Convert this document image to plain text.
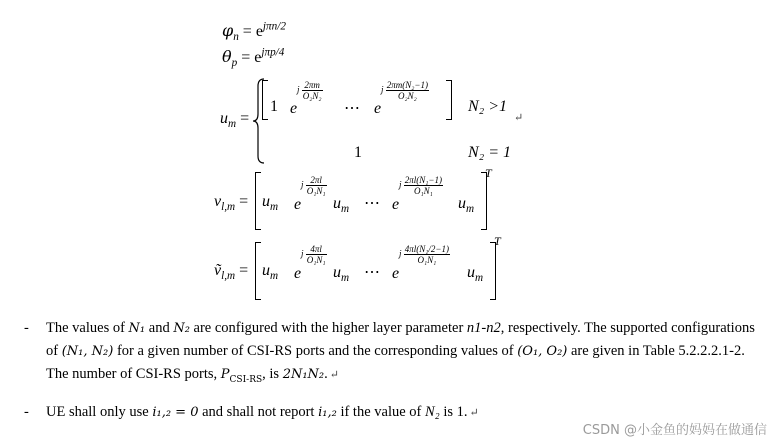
$\varphi_n = e^{j\pi n/2}$
$\theta_p = e^{j\pi p/4}$
$u_m$ =
1 e
j $\frac{2\pi m}{\text{O₂N₂}}$
⋯ e
j $\frac{\text{2πm(N₂−1)}}{\text{O₂N₂}}$
N₂ >1
↵
1	N₂ = 1
$v_{l,m} = u_m$ e
j $\frac{2\pi l}{\text{O₁N₁}}$
$u_m$ ⋯ e
j $\frac{\text{2πl(N₁−1)}}{\text{O₁N₁}}$
$u_m$
T
ṽ$_{l,m}$ = $u_m$ e
j $\frac{4\pi l}{\text{O₁N₁}}$
$u_m$ ⋯ e
j $\frac{\text{4πl(N₁/2−1)}}{\text{O₁N₁}}$
$u_m$
T
- The values of N₁ and N₂ are configured with the higher layer parameter n1-n2, respectively. The supported configurations of (N₁, N₂) for a given number of CSI-RS ports and the corresponding values of (O₁, O₂) are given in Table 5.2.2.2.1-2. The number of CSI-RS ports, $P_{CSI-RS}$, is 2N₁N₂. ↵
- UE shall only use i₁,₂ = 0 and shall not report i₁,₂ if the value of N₂ is 1. ↵
CSDN @小金鱼的妈妈在做通信
